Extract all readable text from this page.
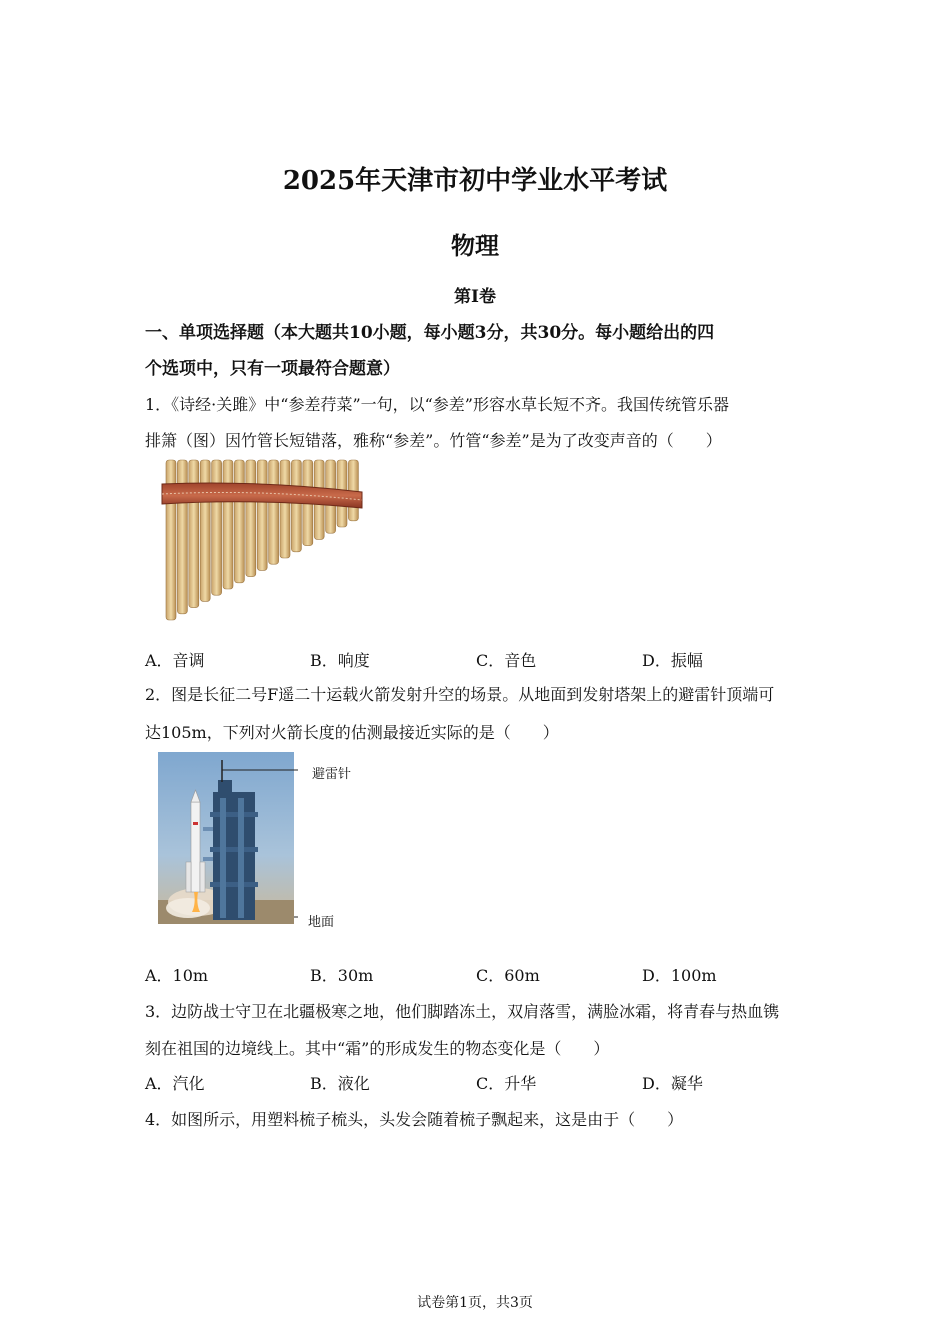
2025年天津市初中学业水平考试
物理
第Ⅰ卷
一、单项选择题（本大题共10小题，每小题3分，共30分。每小题给出的四
个选项中，只有一项最符合题意）
1．《诗经·关雎》中“参差荇菜”一句，以“参差”形容水草长短不齐。我国传统管乐器
排箫（图）因竹管长短错落，雅称“参差”。竹管“参差”是为了改变声音的（　　）
A．音调	B．响度	C．音色	D．振幅
2．图是长征二号F遥二十运载火箭发射升空的场景。从地面到发射塔架上的避雷针顶端可
达105m，下列对火箭长度的估测最接近实际的是（　　）
避雷针
地面
A．10m	B．30m	C．60m	D．100m
3．边防战士守卫在北疆极寒之地，他们脚踏冻土，双肩落雪，满脸冰霜，将青春与热血镌
刻在祖国的边境线上。其中“霜”的形成发生的物态变化是（　　）
A．汽化	B．液化	C．升华	D．凝华
4．如图所示，用塑料梳子梳头，头发会随着梳子飘起来，这是由于（　　）
试卷第1页，共3页
